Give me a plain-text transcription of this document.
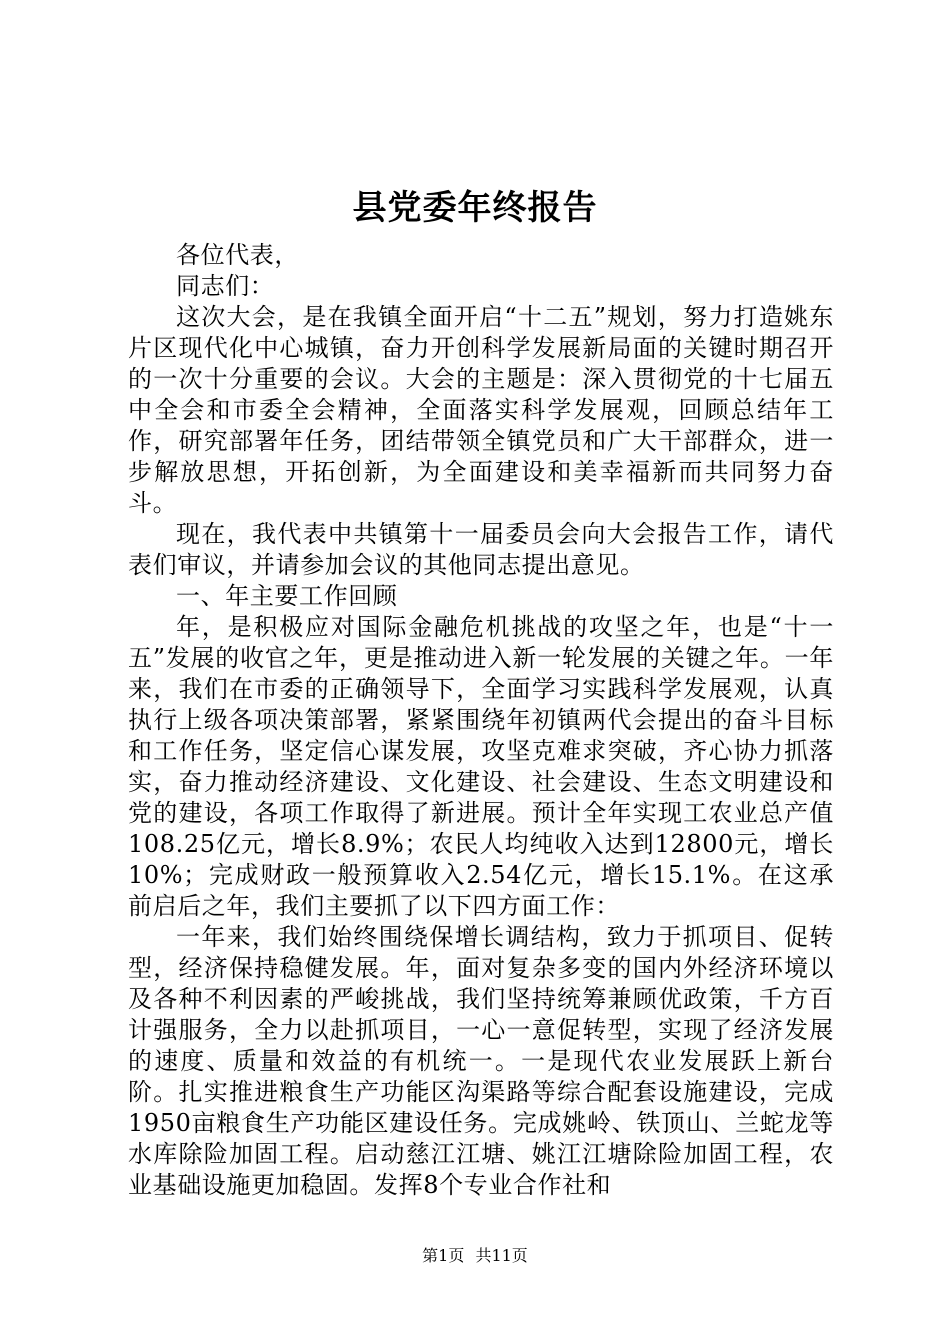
县党委年终报告

各位代表，

同志们：

这次大会，是在我镇全面开启“十二五”规划，努力打造姚东片区现代化中心城镇，奋力开创科学发展新局面的关键时期召开的一次十分重要的会议。大会的主题是：深入贯彻党的十七届五中全会和市委全会精神，全面落实科学发展观，回顾总结年工作，研究部署年任务，团结带领全镇党员和广大干部群众，进一步解放思想，开拓创新，为全面建设和美幸福新而共同努力奋斗。

现在，我代表中共镇第十一届委员会向大会报告工作，请代表们审议，并请参加会议的其他同志提出意见。

一、年主要工作回顾

年，是积极应对国际金融危机挑战的攻坚之年，也是“十一五”发展的收官之年，更是推动进入新一轮发展的关键之年。一年来，我们在市委的正确领导下，全面学习实践科学发展观，认真执行上级各项决策部署，紧紧围绕年初镇两代会提出的奋斗目标和工作任务，坚定信心谋发展，攻坚克难求突破，齐心协力抓落实，奋力推动经济建设、文化建设、社会建设、生态文明建设和党的建设，各项工作取得了新进展。预计全年实现工农业总产值108.25亿元，增长8.9%；农民人均纯收入达到12800元，增长10%；完成财政一般预算收入2.54亿元，增长15.1%。在这承前启后之年，我们主要抓了以下四方面工作：

一年来，我们始终围绕保增长调结构，致力于抓项目、促转型，经济保持稳健发展。年，面对复杂多变的国内外经济环境以及各种不利因素的严峻挑战，我们坚持统筹兼顾优政策，千方百计强服务，全力以赴抓项目，一心一意促转型，实现了经济发展的速度、质量和效益的有机统一。一是现代农业发展跃上新台阶。扎实推进粮食生产功能区沟渠路等综合配套设施建设，完成1950亩粮食生产功能区建设任务。完成姚岭、铁顶山、兰蛇龙等水库除险加固工程。启动慈江江塘、姚江江塘除险加固工程，农业基础设施更加稳固。发挥8个专业合作社和

第1页 共11页
